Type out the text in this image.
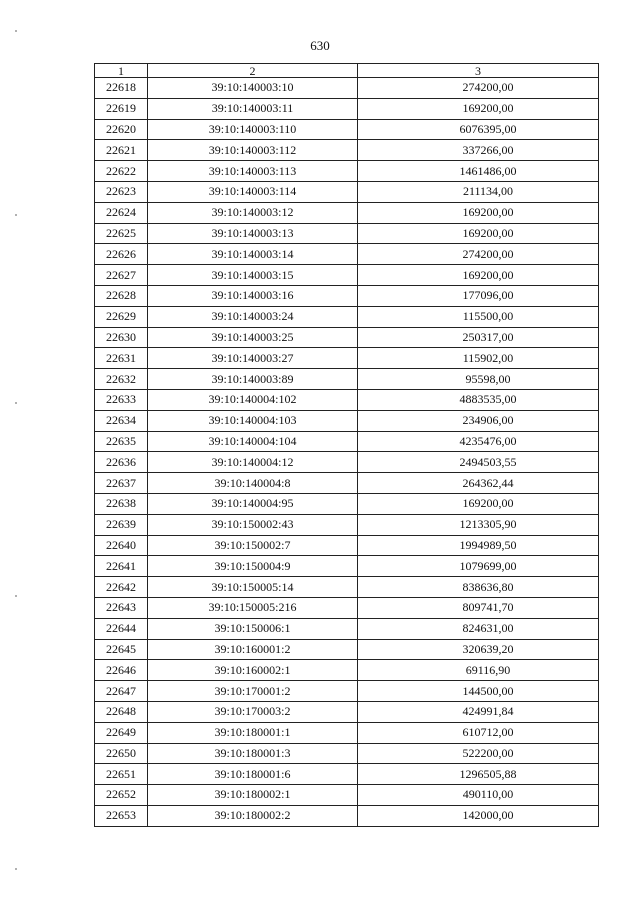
630
1	2	3
22618	39:10:140003:10	274200,00
22619	39:10:140003:11	169200,00
22620	39:10:140003:110	6076395,00
22621	39:10:140003:112	337266,00
22622	39:10:140003:113	1461486,00
22623	39:10:140003:114	211134,00
22624	39:10:140003:12	169200,00
22625	39:10:140003:13	169200,00
22626	39:10:140003:14	274200,00
22627	39:10:140003:15	169200,00
22628	39:10:140003:16	177096,00
22629	39:10:140003:24	115500,00
22630	39:10:140003:25	250317,00
22631	39:10:140003:27	115902,00
22632	39:10:140003:89	95598,00
22633	39:10:140004:102	4883535,00
22634	39:10:140004:103	234906,00
22635	39:10:140004:104	4235476,00
22636	39:10:140004:12	2494503,55
22637	39:10:140004:8	264362,44
22638	39:10:140004:95	169200,00
22639	39:10:150002:43	1213305,90
22640	39:10:150002:7	1994989,50
22641	39:10:150004:9	1079699,00
22642	39:10:150005:14	838636,80
22643	39:10:150005:216	809741,70
22644	39:10:150006:1	824631,00
22645	39:10:160001:2	320639,20
22646	39:10:160002:1	69116,90
22647	39:10:170001:2	144500,00
22648	39:10:170003:2	424991,84
22649	39:10:180001:1	610712,00
22650	39:10:180001:3	522200,00
22651	39:10:180001:6	1296505,88
22652	39:10:180002:1	490110,00
22653	39:10:180002:2	142000,00
